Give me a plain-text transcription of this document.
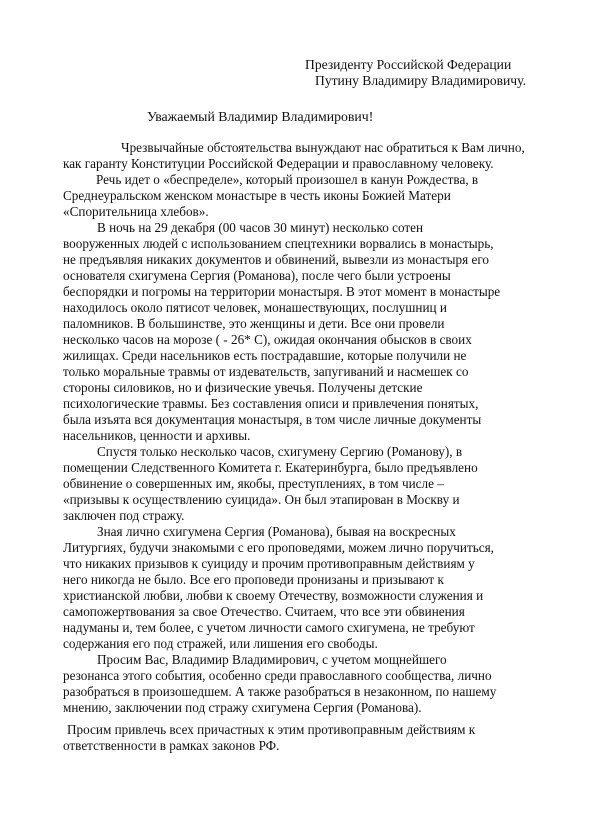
Президенту Российской Федерации
Путину Владимиру Владимировичу.
Уважаемый Владимир Владимирович!
Чрезвычайные обстоятельства вынуждают нас обратиться к Вам лично,
как гаранту Конституции Российской Федерации и православному человеку.
Речь идет о «беспределе», который произошел в канун Рождества, в
Среднеуральском женском монастыре в честь иконы Божией Матери
«Спорительница хлебов».
В ночь на 29 декабря (00 часов 30 минут) несколько сотен
вооруженных людей с использованием спецтехники ворвались в монастырь,
не предъявляя никаких документов и обвинений, вывезли из монастыря его
основателя схигумена Сергия (Романова), после чего были устроены
беспорядки и погромы на территории монастыря. В этот момент в монастыре
находилось около пятисот человек, монашествующих, послушниц и
паломников. В большинстве, это женщины и дети. Все они провели
несколько часов на морозе ( - 26* С), ожидая окончания обысков в своих
жилищах. Среди насельников есть пострадавшие, которые получили не
только моральные травмы от издевательств, запугиваний и насмешек со
стороны силовиков, но и физические увечья. Получены детские
психологические травмы. Без составления описи и привлечения понятых,
была изъята вся документация монастыря, в том числе личные документы
насельников, ценности и архивы.
Спустя только несколько часов, схигумену Сергию (Романову), в
помещении Следственного Комитета г. Екатеринбурга, было предъявлено
обвинение о совершенных им, якобы, преступлениях, в том числе –
«призывы к осуществлению суицида». Он был этапирован в Москву и
заключен под стражу.
Зная лично схигумена Сергия (Романова), бывая на воскресных
Литургиях, будучи знакомыми с его проповедями, можем лично поручиться,
что никаких призывов к суициду и прочим противоправным действиям у
него никогда не было. Все его проповеди пронизаны и призывают к
христианской любви, любви к своему Отечеству, возможности служения и
самопожертвования за свое Отечество. Считаем, что все эти обвинения
надуманы и, тем более, с учетом личности самого схигумена, не требуют
содержания его под стражей, или лишения его свободы.
Просим Вас, Владимир Владимирович, с учетом мощнейшего
резонанса этого события, особенно среди православного сообщества, лично
разобраться в произошедшем. А также разобраться в незаконном, по нашему
мнению, заключении под стражу схигумена Сергия (Романова).
Просим привлечь всех причастных к этим противоправным действиям к
ответственности в рамках законов РФ.
